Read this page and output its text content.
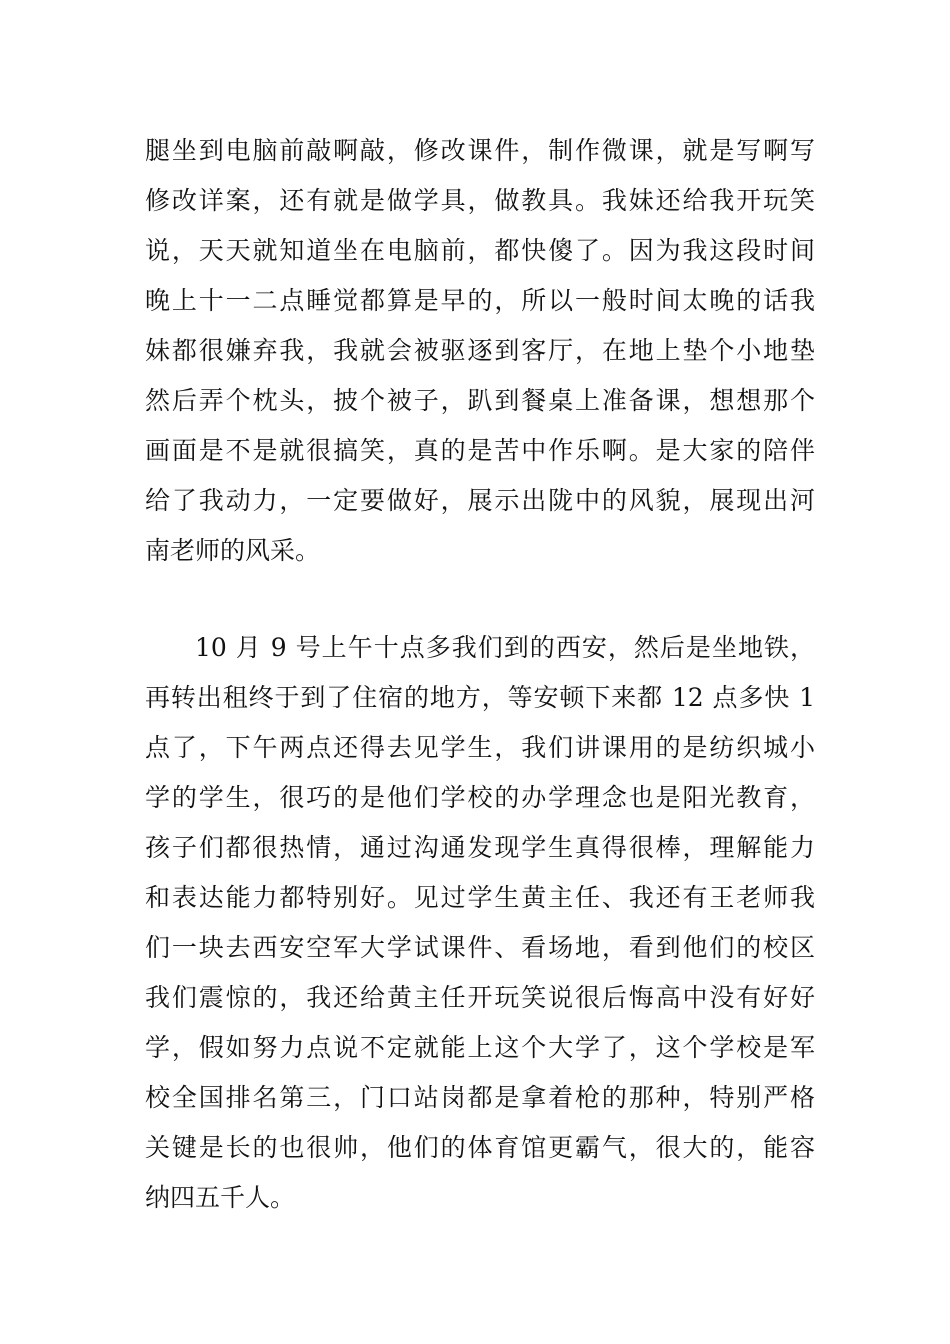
腿坐到电脑前敲啊敲，修改课件，制作微课，就是写啊写
修改详案，还有就是做学具，做教具。我妹还给我开玩笑
说，天天就知道坐在电脑前，都快傻了。因为我这段时间
晚上十一二点睡觉都算是早的，所以一般时间太晚的话我
妹都很嫌弃我，我就会被驱逐到客厅，在地上垫个小地垫
然后弄个枕头，披个被子，趴到餐桌上准备课，想想那个
画面是不是就很搞笑，真的是苦中作乐啊。是大家的陪伴
给了我动力，一定要做好，展示出陇中的风貌，展现出河
南老师的风采。
10 月 9 号上午十点多我们到的西安，然后是坐地铁，
再转出租终于到了住宿的地方，等安顿下来都 12 点多快 1
点了，下午两点还得去见学生，我们讲课用的是纺织城小
学的学生，很巧的是他们学校的办学理念也是阳光教育，
孩子们都很热情，通过沟通发现学生真得很棒，理解能力
和表达能力都特别好。见过学生黄主任、我还有王老师我
们一块去西安空军大学试课件、看场地，看到他们的校区
我们震惊的，我还给黄主任开玩笑说很后悔高中没有好好
学，假如努力点说不定就能上这个大学了，这个学校是军
校全国排名第三，门口站岗都是拿着枪的那种，特别严格
关键是长的也很帅，他们的体育馆更霸气，很大的，能容
纳四五千人。
